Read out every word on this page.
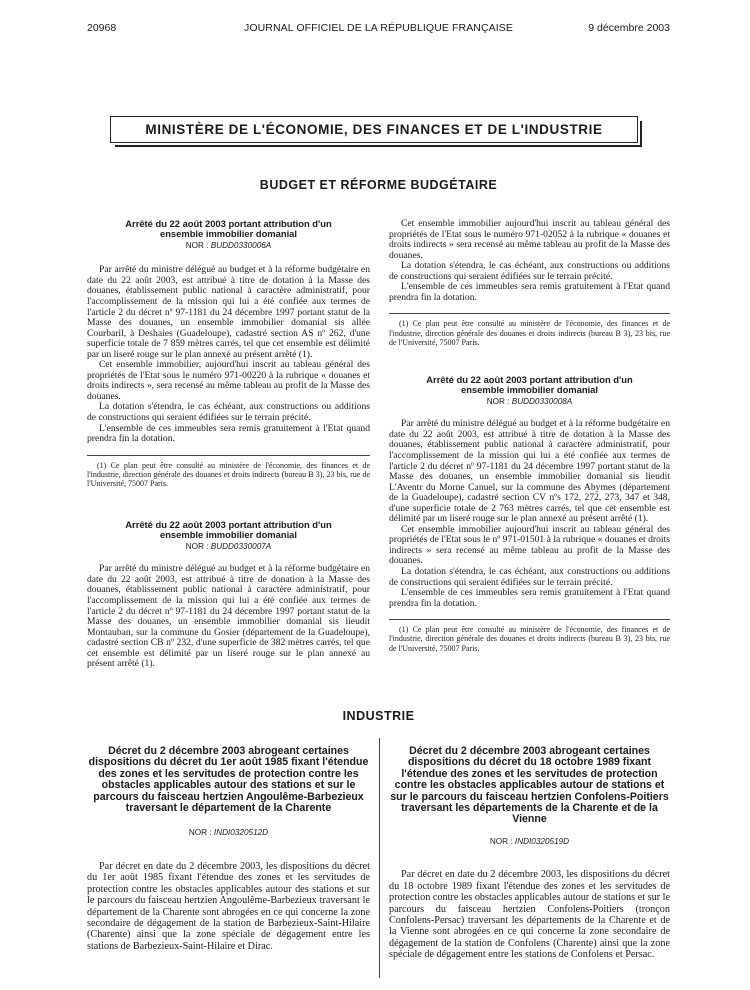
20968	JOURNAL OFFICIEL DE LA RÉPUBLIQUE FRANÇAISE	9 décembre 2003
MINISTÈRE DE L'ÉCONOMIE, DES FINANCES ET DE L'INDUSTRIE
BUDGET ET RÉFORME BUDGÉTAIRE
Arrêté du 22 août 2003 portant attribution d'un ensemble immobilier domanial
NOR : BUDD0330006A
Par arrêté du ministre délégué au budget et à la réforme budgétaire en date du 22 août 2003, est attribué à titre de dotation à la Masse des douanes, établissement public national à caractère administratif, pour l'accomplissement de la mission qui lui a été confiée aux termes de l'article 2 du décret nº 97-1181 du 24 décembre 1997 portant statut de la Masse des douanes, un ensemble immobilier domanial sis allée Courbaril, à Deshaies (Guadeloupe), cadastré section AS nº 262, d'une superficie totale de 7 859 mètres carrés, tel que cet ensemble est délimité par un liseré rouge sur le plan annexé au présent arrêté (1).
Cet ensemble immobilier, aujourd'hui inscrit au tableau général des propriétés de l'Etat sous le numéro 971-00220 à la rubrique « douanes et droits indirects », sera recensé au même tableau au profit de la Masse des douanes.
La dotation s'étendra, le cas échéant, aux constructions ou additions de constructions qui seraient édifiées sur le terrain précité.
L'ensemble de ces immeubles sera remis gratuitement à l'Etat quand prendra fin la dotation.
(1) Ce plan peut être consulté au ministère de l'économie, des finances et de l'industrie, direction générale des douanes et droits indirects (bureau B 3), 23 bis, rue de l'Université, 75007 Paris.
Arrêté du 22 août 2003 portant attribution d'un ensemble immobilier domanial
NOR : BUDD0330007A
Par arrêté du ministre délégué au budget et à la réforme budgétaire en date du 22 août 2003, est attribué à titre de donation à la Masse des douanes, établissement public national à caractère administratif, pour l'accomplissement de la mission qui lui a été confiée aux termes de l'article 2 du décret nº 97-1181 du 24 décembre 1997 portant statut de la Masse des douanes, un ensemble immobilier domanial sis lieudit Montauban, sur la commune du Gosier (département de la Guadeloupe), cadastré section CB nº 232, d'une superficie de 382 mètres carrés, tel que cet ensemble est délimité par un liseré rouge sur le plan annexé au présent arrêté (1).
Cet ensemble immobilier aujourd'hui inscrit au tableau général des propriétés de l'Etat sous le numéro 971-02052 à la rubrique « douanes et droits indirects » sera recensé au même tableau au profit de la Masse des douanes.
La dotation s'étendra, le cas échéant, aux constructions ou additions de constructions qui seraient édifiées sur le terrain précité.
L'ensemble de ces immeubles sera remis gratuitement à l'Etat quand prendra fin la dotation.
(1) Ce plan peut être consulté au ministère de l'économie, des finances et de l'industrie, direction générale des douanes et droits indirects (bureau B 3), 23 bis, rue de l'Université, 75007 Paris.
Arrêté du 22 août 2003 portant attribution d'un ensemble immobilier domanial
NOR : BUDD0330008A
Par arrêté du ministre délégué au budget et à la réforme budgétaire en date du 22 août 2003, est attribué à titre de dotation à la Masse des douanes, établissement public national à caractère administratif, pour l'accomplissement de la mission qui lui a été confiée aux termes de l'article 2 du décret nº 97-1181 du 24 décembre 1997 portant statut de la Masse des douanes, un ensemble immobilier domanial sis lieudit L'Aventr du Morne Canuel, sur la commune des Abymes (département de la Guadeloupe), cadastré section CV nºs 172, 272, 273, 347 et 348, d'une superficie totale de 2 763 mètres carrés, tel que cet ensemble est délimité par un liseré rouge sur le plan annexé au présent arrêté (1).
Cet ensemble immobilier aujourd'hui inscrit au tableau général des propriétés de l'Etat sous le nº 971-01501 à la rubrique « douanes et droits indirects » sera recensé au même tableau au profit de la Masse des douanes.
La dotation s'étendra, le cas échéant, aux constructions ou additions de constructions qui seraient édifiées sur le terrain précité.
L'ensemble de ces immeubles sera remis gratuitement à l'Etat quand prendra fin la dotation.
(1) Ce plan peut être consulté au ministère de l'économie, des finances et de l'industrie, direction générale des douanes et droits indirects (bureau B 3), 23 bis, rue de l'Université, 75007 Paris.
INDUSTRIE
Décret du 2 décembre 2003 abrogeant certaines dispositions du décret du 1er août 1985 fixant l'étendue des zones et les servitudes de protection contre les obstacles applicables autour des stations et sur le parcours du faisceau hertzien Angoulême-Barbezieux traversant le département de la Charente
NOR : INDI0320512D
Par décret en date du 2 décembre 2003, les dispositions du décret du 1er août 1985 fixant l'étendue des zones et les servitudes de protection contre les obstacles applicables autour des stations et sur le parcours du faisceau hertzien Angoulême-Barbezieux traversant le département de la Charente sont abrogées en ce qui concerne la zone secondaire de dégagement de la station de Barbezieux-Saint-Hilaire (Charente) ainsi que la zone spéciale de dégagement entre les stations de Barbezieux-Saint-Hilaire et Dirac.
Décret du 2 décembre 2003 abrogeant certaines dispositions du décret du 18 octobre 1989 fixant l'étendue des zones et les servitudes de protection contre les obstacles applicables autour de stations et sur le parcours du faisceau hertzien Confolens-Poitiers traversant les départements de la Charente et de la Vienne
NOR : INDI0320519D
Par décret en date du 2 décembre 2003, les dispositions du décret du 18 octobre 1989 fixant l'étendue des zones et les servitudes de protection contre les obstacles applicables autour de stations et sur le parcours du faisceau hertzien Confolens-Poitiers (tronçon Confolens-Persac) traversant les départements de la Charente et de la Vienne sont abrogées en ce qui concerne la zone secondaire de dégagement de la station de Confolens (Charente) ainsi que la zone spéciale de dégagement entre les stations de Confolens et Persac.
